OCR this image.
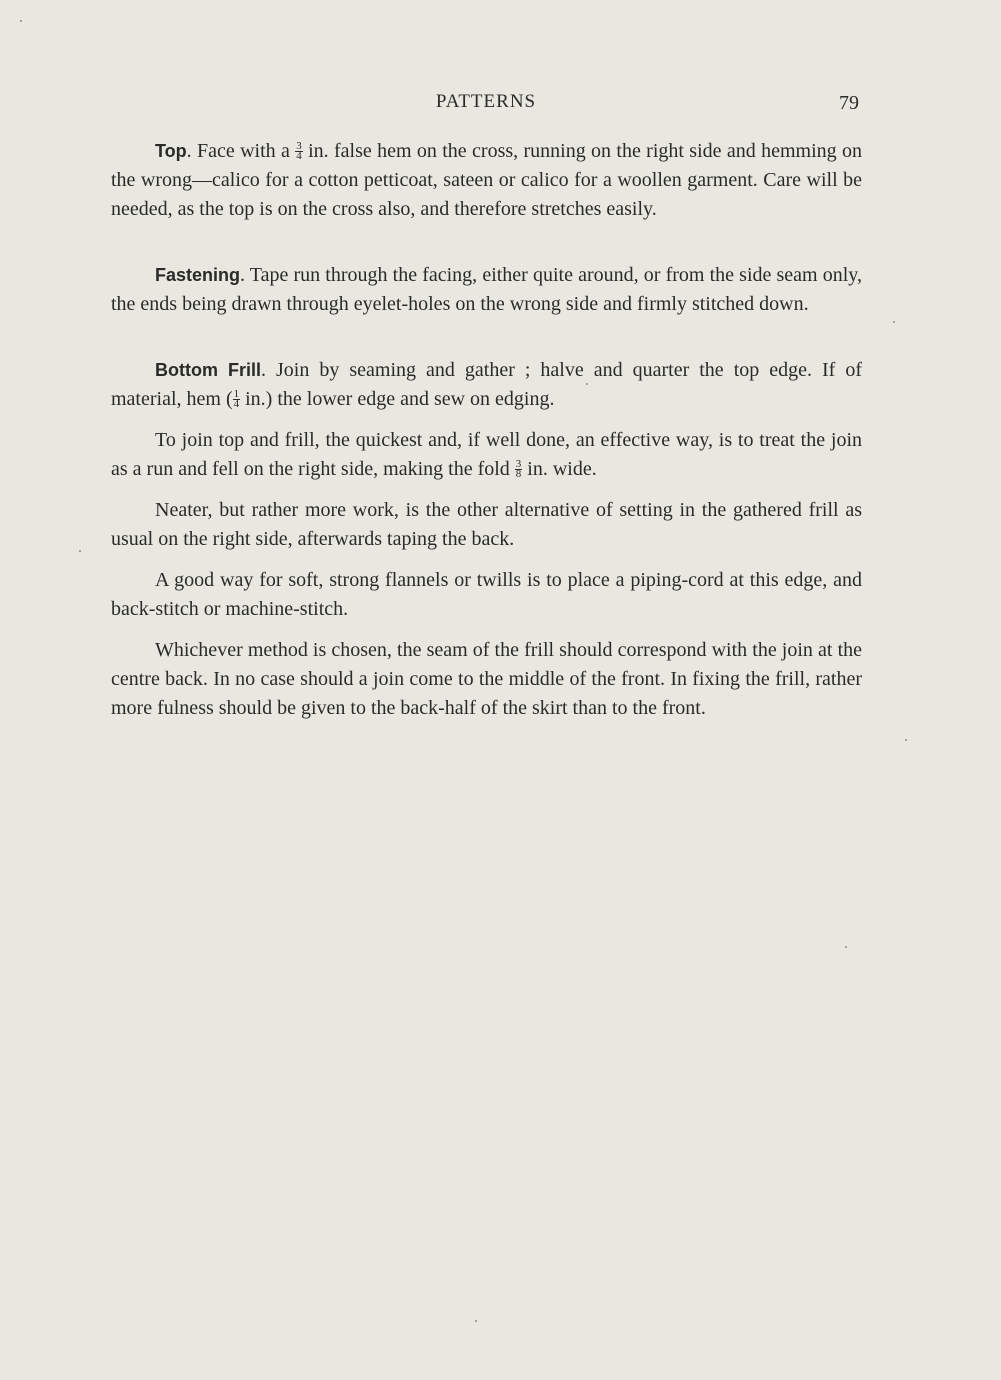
PATTERNS	79

Top. Face with a $\frac{3}{4}$ in. false hem on the cross, running on the right side and hemming on the wrong—calico for a cotton petticoat, sateen or calico for a woollen garment. Care will be needed, as the top is on the cross also, and therefore stretches easily.

Fastening. Tape run through the facing, either quite around, or from the side seam only, the ends being drawn through eyelet-holes on the wrong side and firmly stitched down.

Bottom Frill. Join by seaming and gather ; halve and quarter the top edge. If of material, hem ( $\frac{1}{4} in$.) the lower edge and sew on edging.

To join top and frill, the quickest and, if well done, an effective way, is to treat the join as a run and fell on the right side, making the fold $\frac{3}{8}$ in. wide.

Neater, but rather more work, is the other alternative of setting in the gathered frill as usual on the right side, afterwards taping the back.

A good way for soft, strong flannels or twills is to place a piping-cord at this edge, and back-stitch or machine-stitch.

Whichever method is chosen, the seam of the frill should correspond with the join at the centre back. In no case should a join come to the middle of the front. In fixing the frill, rather more fulness should be given to the back-half of the skirt than to the front.
